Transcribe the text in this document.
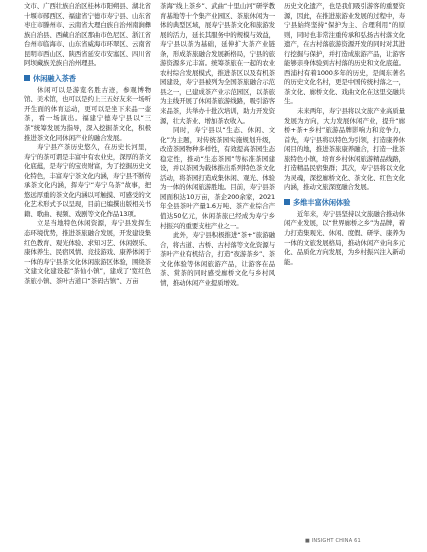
文市、广西壮族自治区桂林市阳朔县、湖北省十堰市郧西区、福建省宁德市寿宁县、山东省枣庄市滕州市、云南省大理白族自治州南涧彝族自治县、西藏自治区那曲市色尼区、浙江省台州市临海市、山东省威海市环翠区、云南省昆明市西山区、陕西省延安市安塞区、四川省阿坝藏族羌族自治州理县。

休闲融入茶香

休闲可以是游览名胜古迹，参观博物馆、美术馆，也可以是约上三五好友来一场听开生面的体育运动，更可以是坐下来品一壶茶，看一场演出。福建宁德寿宁县以“三茶”统筹发展为指导，深入挖掘茶文化，积极推进茶文化同休闲产业的融合发展。

寿宁县产茶历史悠久，在历史长河里，寿宁的茶可谓是丰富中有农业史，深厚的茶文化底蕴，是寿宁的宝贵财富，为了挖掘历史文化特色，丰富寿宁茶文化内涵，寿宁县不断传承茶文化内涵，挥寿宁“寿宁乌茶”故事，把悠远厚重的茶文化内涵以可触摸、可感受的文化艺术形式予以呈现，目前已编撰出版相关书籍、歌曲、视频、戏剧等文化作品13项。

立足当地特色休闲资源，寿宁县发挥生态环境优势，推进茶旅融合发展，开发建设集红色教育、观光体验、求知习艺、休闲娱乐、康体养生、民宿风情、竞技游戏、康养体闲于一体的寿宁县茶文化休闲旅游区体验，围绕茶文建文化建设起“茶仙小镇”，建成了‘宽红色茶旅小镇、茶叶古道口“茶码古镇”、万亩

茶海“线上茶乡”、武曲“十里山河”研学教育基地等十个集产业园区、茶旅休闲为一体的典型区域，展寿宁县茶文化和旅游发展的活力，延长其服务中的规模与效益，寿宁县以茶为基础，延伸扩大茶产业链条，形成茶旅融合发展新格局，宁县的旅游资源多元丰富。统筹茶旅在一起的农业农村综合发展模式，推进茶区以及有机茶园建设，寿宁县被列为全国茶旅融合示范县之一，已建成茶产业示范园区，以茶旅为主线开展了休闲茶旅游线路，吸引游客来品茶，共举办十批次培训，助力开发资源，壮大茶业、增加茶农收入。

同时，寿宁县以“生态、休闲、文化”为主题，对传统茶园实施规划升级，改造茶园物种多样性，有效提高茶园生态稳定性，推动“生态茶园”等标准茶园建设，并以茶园为载体推出系列特色茶文化活动，将茶园打造成集休闲、观光、体验为一体的休闲旅游胜地。目前，寿宁县茶园面积达10万亩，茶企200余家，2021年全县茶叶产量1.6万吨、茶产业综合产值达50亿元，休闲茶旅已经成为寿宁乡村振兴的重要支柱产业之一。

此外，寿宁县积极推进“茶+”旅游融合，将古道、古桥、古村落等文化资源与茶叶产业有机结合，打造“夜游茶乡”、茶文化体验等休闲旅游产品，让游客在品茶、赏茶的同时感受廊桥文化与乡村风情，推动休闲产业提质增效。

历史文化遗产，也是我们吸引游客的重要资源，因此，在推进旅游业发展的过程中，寿宁县始终坚持“保护为主、合理利用”的原则，同时也非常注重传承和弘扬古村落文化遗产，在古村落旅游资源开发的同时对其进行挖掘与保护，并打造成旅游产品，让游客能够亲身体验到古村落的历史和文化底蕴。西浦村有着1000多年的历史，是闽东著名的历史文化名村，更是中国传统村落之一，茶文化、廊桥文化、戏曲文化在这里交融共生。

未来两年，寿宁县将以文旅产业高质量发展为方向，大力发展休闲产业，提升“廊桥+茶+乡村”旅游品牌影响力和竞争力，首先，寿宁县将以特色为引领，打造康养休闲目的地，推进茶旅康养融合，打造一批茶旅特色小镇，培育乡村休闲旅游精品线路，打造精品民宿集群；其次，寿宁县将以文化为灵魂，深挖廊桥文化、茶文化、红色文化内涵，推动文旅深度融合发展。

多维丰富休闲体验

近年来，寿宁县坚持以文旅融合推动休闲产业发展，以“世界廊桥之乡”为品牌，着力打造集观光、休闲、度假、研学、康养为一体的文旅发展格局，推动休闲产业向多元化、品质化方向发展，为乡村振兴注入新动能。

■ INSIGHT CHINA 61
